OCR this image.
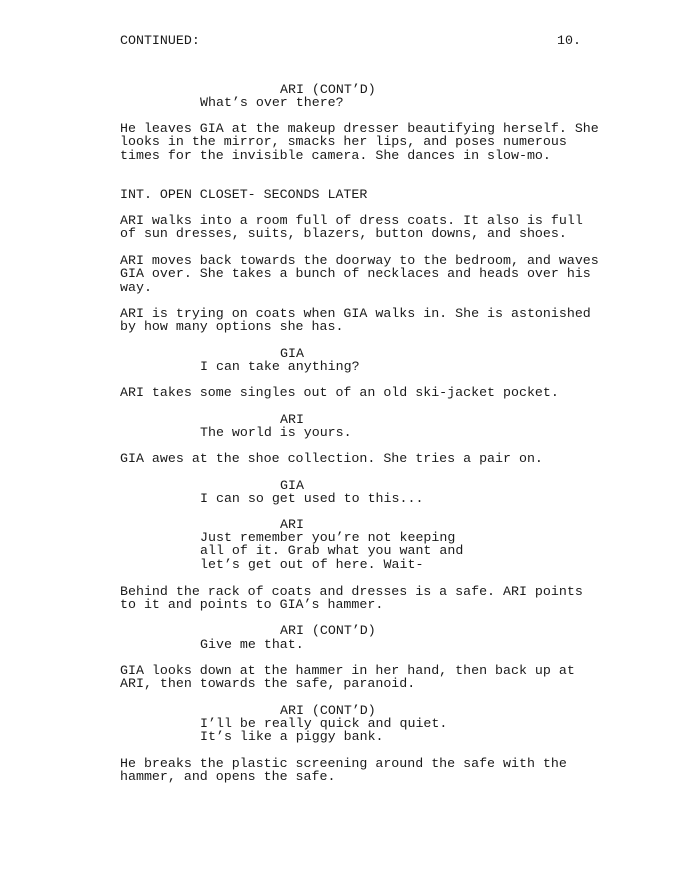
CONTINUED:	10.
ARI (CONT’D)
What’s over there?
He leaves GIA at the makeup dresser beautifying herself. She
looks in the mirror, smacks her lips, and poses numerous
times for the invisible camera. She dances in slow-mo.
INT. OPEN CLOSET- SECONDS LATER
ARI walks into a room full of dress coats. It also is full
of sun dresses, suits, blazers, button downs, and shoes.
ARI moves back towards the doorway to the bedroom, and waves
GIA over. She takes a bunch of necklaces and heads over his
way.
ARI is trying on coats when GIA walks in. She is astonished
by how many options she has.
GIA
I can take anything?
ARI takes some singles out of an old ski-jacket pocket.
ARI
The world is yours.
GIA awes at the shoe collection. She tries a pair on.
GIA
I can so get used to this...
ARI
Just remember you’re not keeping
all of it. Grab what you want and
let’s get out of here. Wait-
Behind the rack of coats and dresses is a safe. ARI points
to it and points to GIA’s hammer.
ARI (CONT’D)
Give me that.
GIA looks down at the hammer in her hand, then back up at
ARI, then towards the safe, paranoid.
ARI (CONT’D)
I’ll be really quick and quiet.
It’s like a piggy bank.
He breaks the plastic screening around the safe with the
hammer, and opens the safe.
